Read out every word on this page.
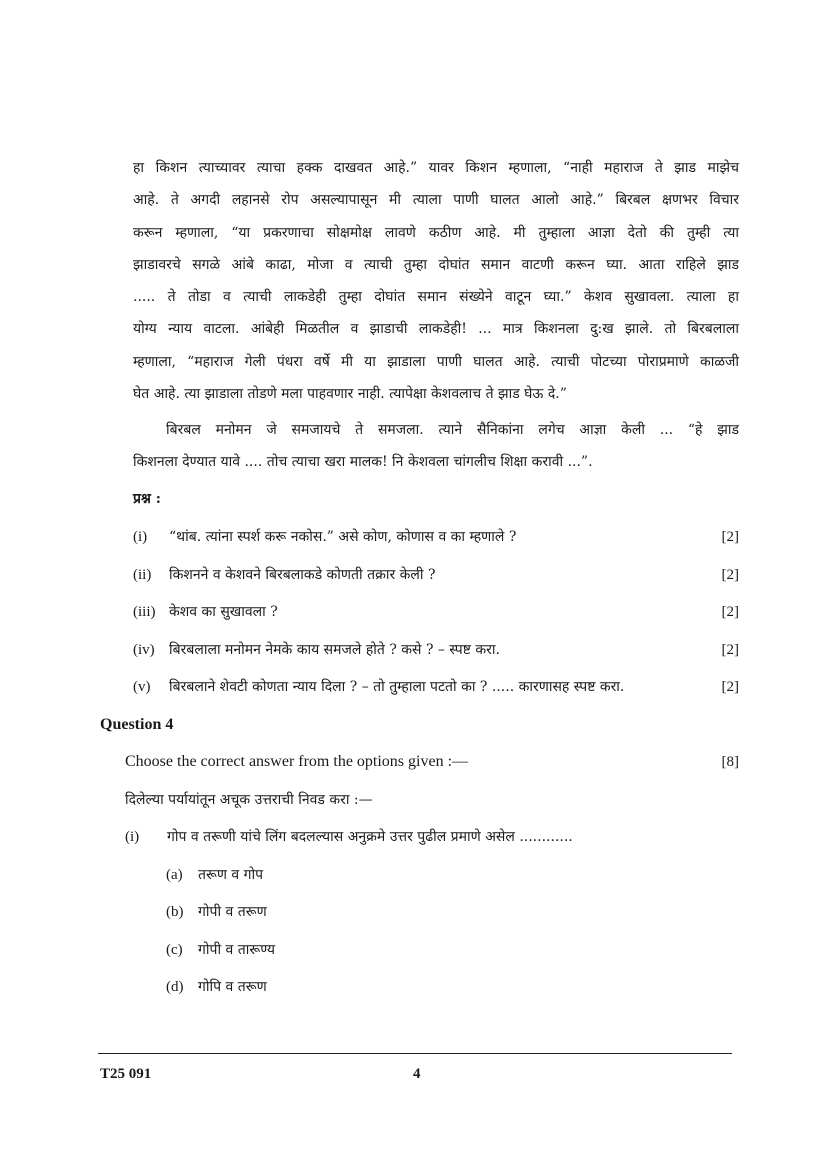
हा किशन त्याच्यावर त्याचा हक्क दाखवत आहे.” यावर किशन म्हणाला, “नाही महाराज ते झाड माझेच
आहे. ते अगदी लहानसे रोप असल्यापासून मी त्याला पाणी घालत आलो आहे.” बिरबल क्षणभर विचार
करून म्हणाला, “या प्रकरणाचा सोक्षमोक्ष लावणे कठीण आहे. मी तुम्हाला आज्ञा देतो की तुम्ही त्या
झाडावरचे सगळे आंबे काढा, मोजा व त्याची तुम्हा दोघांत समान वाटणी करून घ्या. आता राहिले झाड
..... ते तोडा व त्याची लाकडेही तुम्हा दोघांत समान संख्येने वाटून घ्या.” केशव सुखावला. त्याला हा
योग्य न्याय वाटला. आंबेही मिळतील व झाडाची लाकडेही! ... मात्र किशनला दु:ख झाले. तो बिरबलाला
म्हणाला, “महाराज गेली पंधरा वर्षे मी या झाडाला पाणी घालत आहे. त्याची पोटच्या पोराप्रमाणे काळजी
घेत आहे. त्या झाडाला तोडणे मला पाहवणार नाही. त्यापेक्षा केशवलाच ते झाड घेऊ दे.”
बिरबल मनोमन जे समजायचे ते समजला. त्याने सैनिकांना लगेच आज्ञा केली ... “हे झाड
किशनला देण्यात यावे .... तोच त्याचा खरा मालक! नि केशवला चांगलीच शिक्षा करावी ...”.
प्रश्न :
(i)	“थांब. त्यांना स्पर्श करू नकोस.” असे कोण, कोणास व का म्हणाले ?	[2]
(ii)	किशनने व केशवने बिरबलाकडे कोणती तक्रार केली ?	[2]
(iii) केशव का सुखावला ?	[2]
(iv)	बिरबलाला मनोमन नेमके काय समजले होते ? कसे ? – स्पष्ट करा.	[2]
(v)	बिरबलाने शेवटी कोणता न्याय दिला ? – तो तुम्हाला पटतो का ? ..... कारणासह स्पष्ट करा.	[2]
Question 4
Choose the correct answer from the options given :—	[8]
दिलेल्या पर्यायांतून अचूक उत्तराची निवड करा :—
(i) गोप व तरूणी यांचे लिंग बदलल्यास अनुक्रमे उत्तर पुढील प्रमाणे असेल ............
(a) तरूण व गोप
(b) गोपी व तरूण
(c) गोपी व तारूण्य
(d) गोपि व तरूण
T25 091	4
